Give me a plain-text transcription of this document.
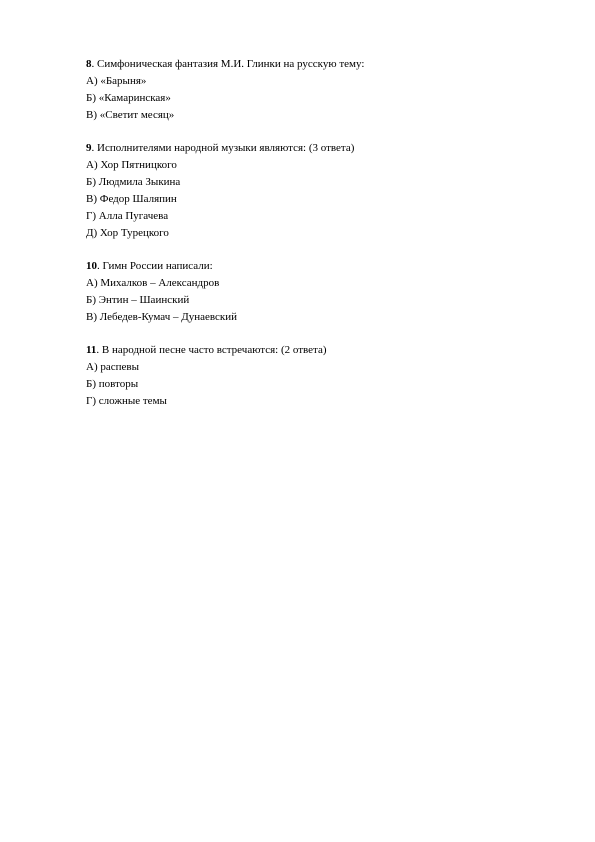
8. Симфоническая фантазия М.И. Глинки на русскую тему:
А) «Барыня»
Б) «Камаринская»
В) «Светит месяц»
9. Исполнителями народной музыки являются: (3 ответа)
А) Хор Пятницкого
Б) Людмила Зыкина
В) Федор Шаляпин
Г) Алла Пугачева
Д) Хор Турецкого
10. Гимн России написали:
А) Михалков – Александров
Б) Энтин – Шаинский
В) Лебедев-Кумач – Дунаевский
11. В народной песне часто встречаются: (2 ответа)
А) распевы
Б) повторы
Г) сложные темы
